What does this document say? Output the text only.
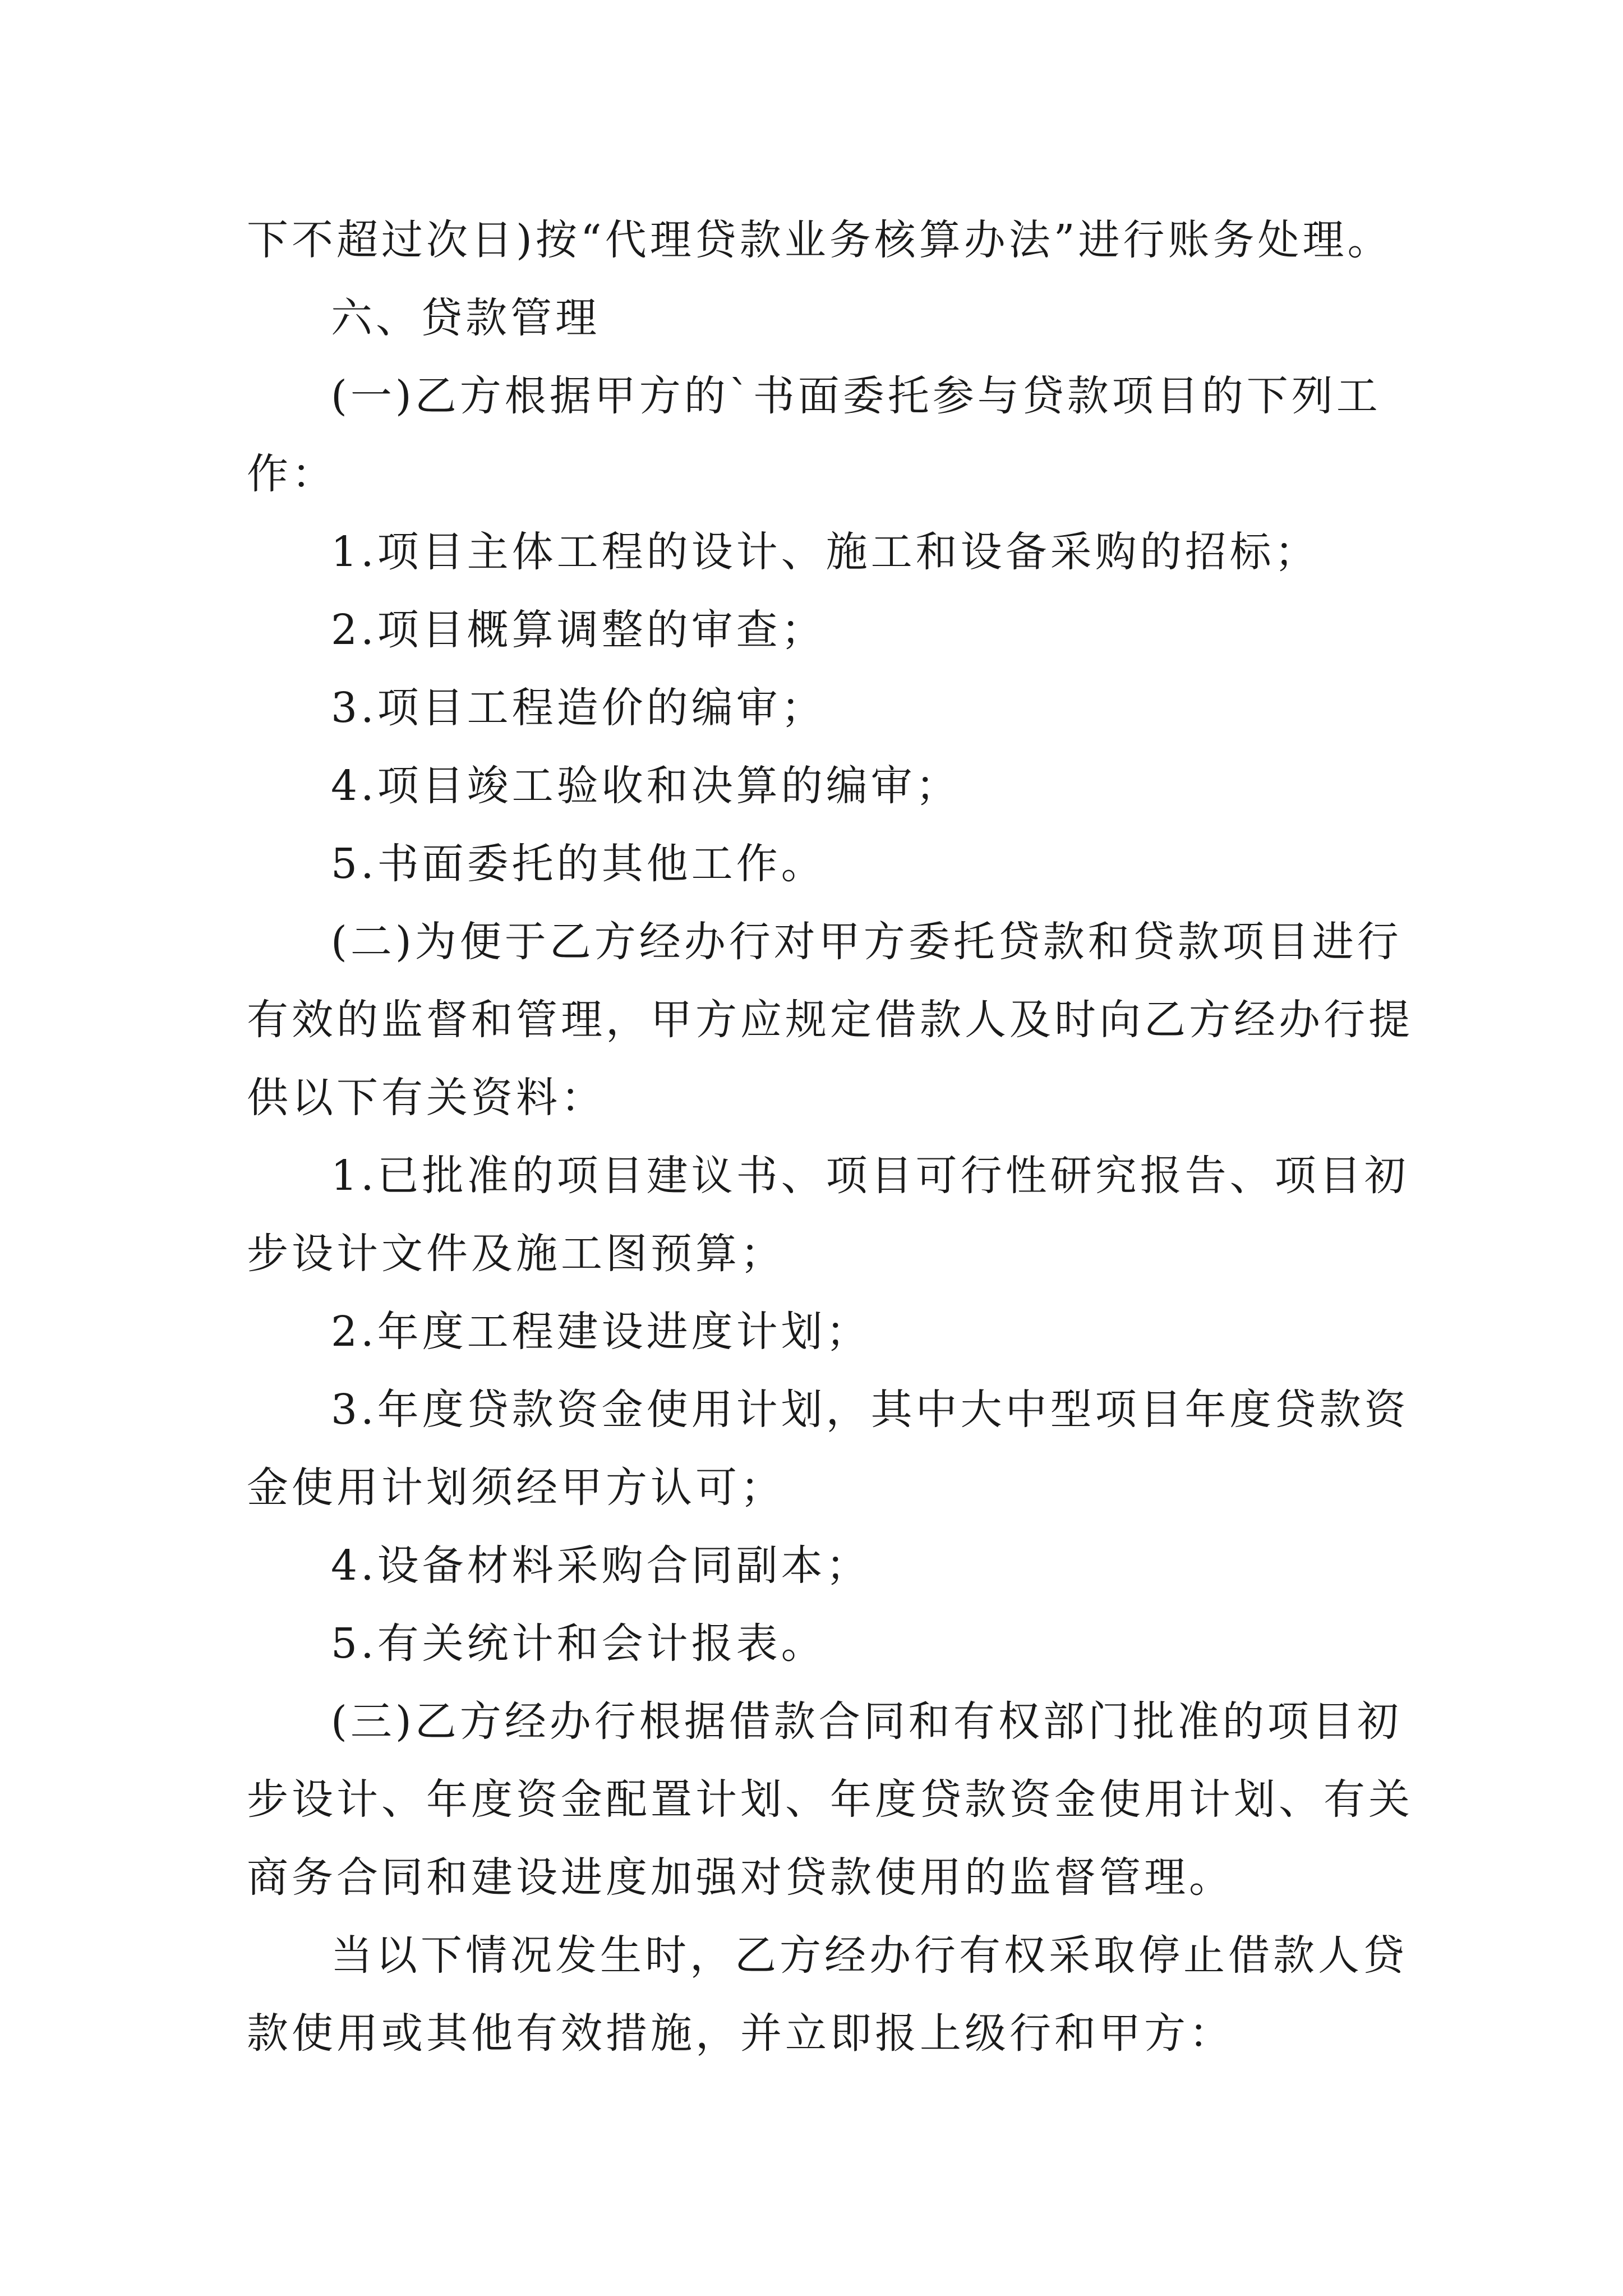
下不超过次日)按“代理贷款业务核算办法”进行账务处理。
六、贷款管理
(一)乙方根据甲方的`书面委托参与贷款项目的下列工
作：
1.项目主体工程的设计、施工和设备采购的招标；
2.项目概算调整的审查；
3.项目工程造价的编审；
4.项目竣工验收和决算的编审；
5.书面委托的其他工作。
(二)为便于乙方经办行对甲方委托贷款和贷款项目进行
有效的监督和管理，甲方应规定借款人及时向乙方经办行提
供以下有关资料：
1.已批准的项目建议书、项目可行性研究报告、项目初
步设计文件及施工图预算；
2.年度工程建设进度计划；
3.年度贷款资金使用计划，其中大中型项目年度贷款资
金使用计划须经甲方认可；
4.设备材料采购合同副本；
5.有关统计和会计报表。
(三)乙方经办行根据借款合同和有权部门批准的项目初
步设计、年度资金配置计划、年度贷款资金使用计划、有关
商务合同和建设进度加强对贷款使用的监督管理。
当以下情况发生时，乙方经办行有权采取停止借款人贷
款使用或其他有效措施，并立即报上级行和甲方：
